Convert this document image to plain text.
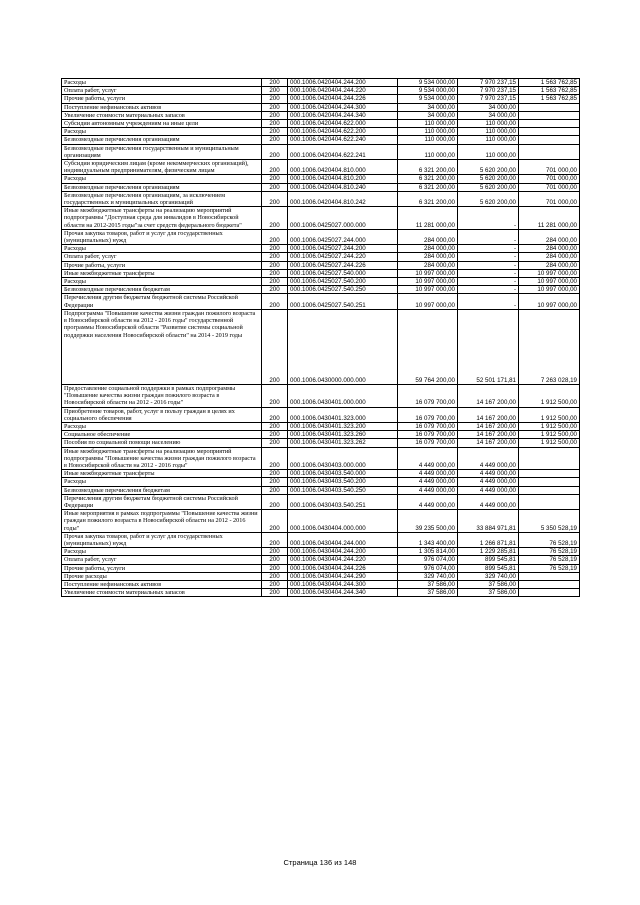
Расходы	200	000.1006.0420404.244.200	9 534 000,00	7 970 237,15	1 563 762,85
Оплата работ, услуг	200	000.1006.0420404.244.220	9 534 000,00	7 970 237,15	1 563 762,85
Прочие работы, услуги	200	000.1006.0420404.244.226	9 534 000,00	7 970 237,15	1 563 762,85
Поступление нефинансовых активов	200	000.1006.0420404.244.300	34 000,00	34 000,00	
Увеличение стоимости материальных запасов	200	000.1006.0420404.244.340	34 000,00	34 000,00	
Субсидии автономным учреждениям на иные цели	200	000.1006.0420404.622.000	110 000,00	110 000,00	
Расходы	200	000.1006.0420404.622.200	110 000,00	110 000,00	
Безвозмездные перечисления организациям	200	000.1006.0420404.622.240	110 000,00	110 000,00	
Безвозмездные перечисления государственным и муниципальным организациям	200	000.1006.0420404.622.241	110 000,00	110 000,00	
Субсидии юридическим лицам (кроме некоммерческих организаций), индивидуальным предпринимателям, физическим лицам	200	000.1006.0420404.810.000	6 321 200,00	5 620 200,00	701 000,00
Расходы	200	000.1006.0420404.810.200	6 321 200,00	5 620 200,00	701 000,00
Безвозмездные перечисления организациям	200	000.1006.0420404.810.240	6 321 200,00	5 620 200,00	701 000,00
Безвозмездные перечисления организациям, за исключением государственных и муниципальных организаций	200	000.1006.0420404.810.242	6 321 200,00	5 620 200,00	701 000,00
Иные межбюджетные трансферты на реализацию мероприятий подпрограммы "Доступная среда для инвалидов в Новосибирской области на 2012-2015 годы"за счет средств федерального бюджета"	200	000.1006.0425027.000.000	11 281 000,00	-	11 281 000,00
Прочая закупка товаров, работ и услуг для государственных (муниципальных) нужд	200	000.1006.0425027.244.000	284 000,00	-	284 000,00
Расходы	200	000.1006.0425027.244.200	284 000,00	-	284 000,00
Оплата работ, услуг	200	000.1006.0425027.244.220	284 000,00	-	284 000,00
Прочие работы, услуги	200	000.1006.0425027.244.226	284 000,00	-	284 000,00
Иные межбюджетные трансферты	200	000.1006.0425027.540.000	10 997 000,00	-	10 997 000,00
Расходы	200	000.1006.0425027.540.200	10 997 000,00	-	10 997 000,00
Безвозмездные перечисления бюджетам	200	000.1006.0425027.540.250	10 997 000,00	-	10 997 000,00
Перечисления другим бюджетам бюджетной системы Российской Федерации	200	000.1006.0425027.540.251	10 997 000,00	-	10 997 000,00
Подпрограмма "Повышение качества жизни граждан пожилого возраста в Новосибирской области на 2012 - 2016 годы" государственной программы Новосибирской области "Развитие системы социальной поддержки населения Новосибирской области" на 2014 - 2019 годы	200	000.1006.0430000.000.000	59 764 200,00	52 501 171,81	7 263 028,19
Предоставление социальной поддержки в рамках подпрограммы "Повышение качества жизни граждан пожилого возраста в Новосибирской области на 2012 - 2016 годы"	200	000.1006.0430401.000.000	16 079 700,00	14 167 200,00	1 912 500,00
Приобретение товаров, работ, услуг в пользу граждан в целях их социального обеспечения	200	000.1006.0430401.323.000	16 079 700,00	14 167 200,00	1 912 500,00
Расходы	200	000.1006.0430401.323.200	16 079 700,00	14 167 200,00	1 912 500,00
Социальное обеспечение	200	000.1006.0430401.323.260	16 079 700,00	14 167 200,00	1 912 500,00
Пособия по социальной помощи населению	200	000.1006.0430401.323.262	16 079 700,00	14 167 200,00	1 912 500,00
Иные межбюджетные трансферты на реализацию мероприятий подпрограммы "Повышение качества жизни граждан пожилого возраста в Новосибирской области на 2012 - 2016 годы"	200	000.1006.0430403.000.000	4 449 000,00	4 449 000,00	
Иные межбюджетные трансферты	200	000.1006.0430403.540.000	4 449 000,00	4 449 000,00	
Расходы	200	000.1006.0430403.540.200	4 449 000,00	4 449 000,00	
Безвозмездные перечисления бюджетам	200	000.1006.0430403.540.250	4 449 000,00	4 449 000,00	
Перечисления другим бюджетам бюджетной системы Российской Федерации	200	000.1006.0430403.540.251	4 449 000,00	4 449 000,00	
Иные мероприятия в рамках подпрограммы "Повышение качества жизни граждан пожилого возраста в Новосибирской области на 2012 - 2016 годы"	200	000.1006.0430404.000.000	39 235 500,00	33 884 971,81	5 350 528,19
Прочая закупка товаров, работ и услуг для государственных (муниципальных) нужд	200	000.1006.0430404.244.000	1 343 400,00	1 266 871,81	76 528,19
Расходы	200	000.1006.0430404.244.200	1 305 814,00	1 229 285,81	76 528,19
Оплата работ, услуг	200	000.1006.0430404.244.220	976 074,00	899 545,81	76 528,19
Прочие работы, услуги	200	000.1006.0430404.244.226	976 074,00	899 545,81	76 528,19
Прочие расходы	200	000.1006.0430404.244.290	329 740,00	329 740,00	
Поступление нефинансовых активов	200	000.1006.0430404.244.300	37 586,00	37 586,00	
Увеличение стоимости материальных запасов	200	000.1006.0430404.244.340	37 586,00	37 586,00	
Страница 136 из 148
